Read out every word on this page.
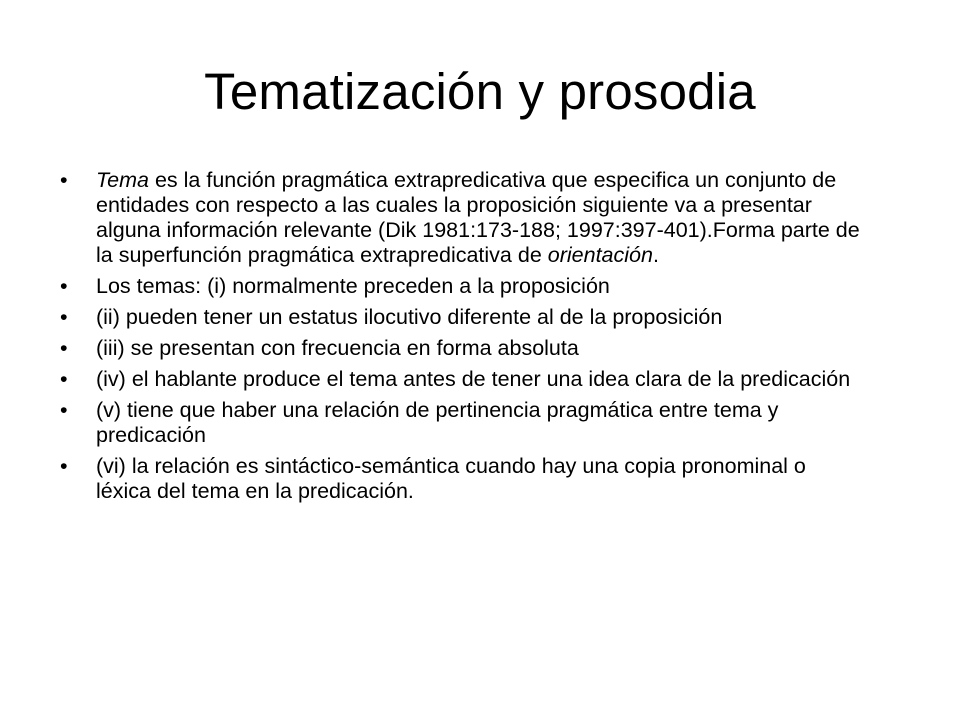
Tematización y prosodia
•	Tema es la función pragmática extrapredicativa que especifica un conjunto de entidades con respecto a las cuales la proposición siguiente va a presentar alguna información relevante (Dik 1981:173-188; 1997:397-401).Forma parte de la superfunción pragmática extrapredicativa de orientación.
•	Los temas: (i) normalmente preceden a la proposición
•	(ii) pueden tener un estatus ilocutivo diferente al de la proposición
•	(iii) se presentan con frecuencia en forma absoluta
•	(iv) el hablante produce el tema antes de tener una idea clara de la predicación
•	(v) tiene que haber una relación de pertinencia pragmática entre tema y predicación
•	(vi) la relación es sintáctico-semántica cuando hay una copia pronominal o léxica del tema en la predicación.
